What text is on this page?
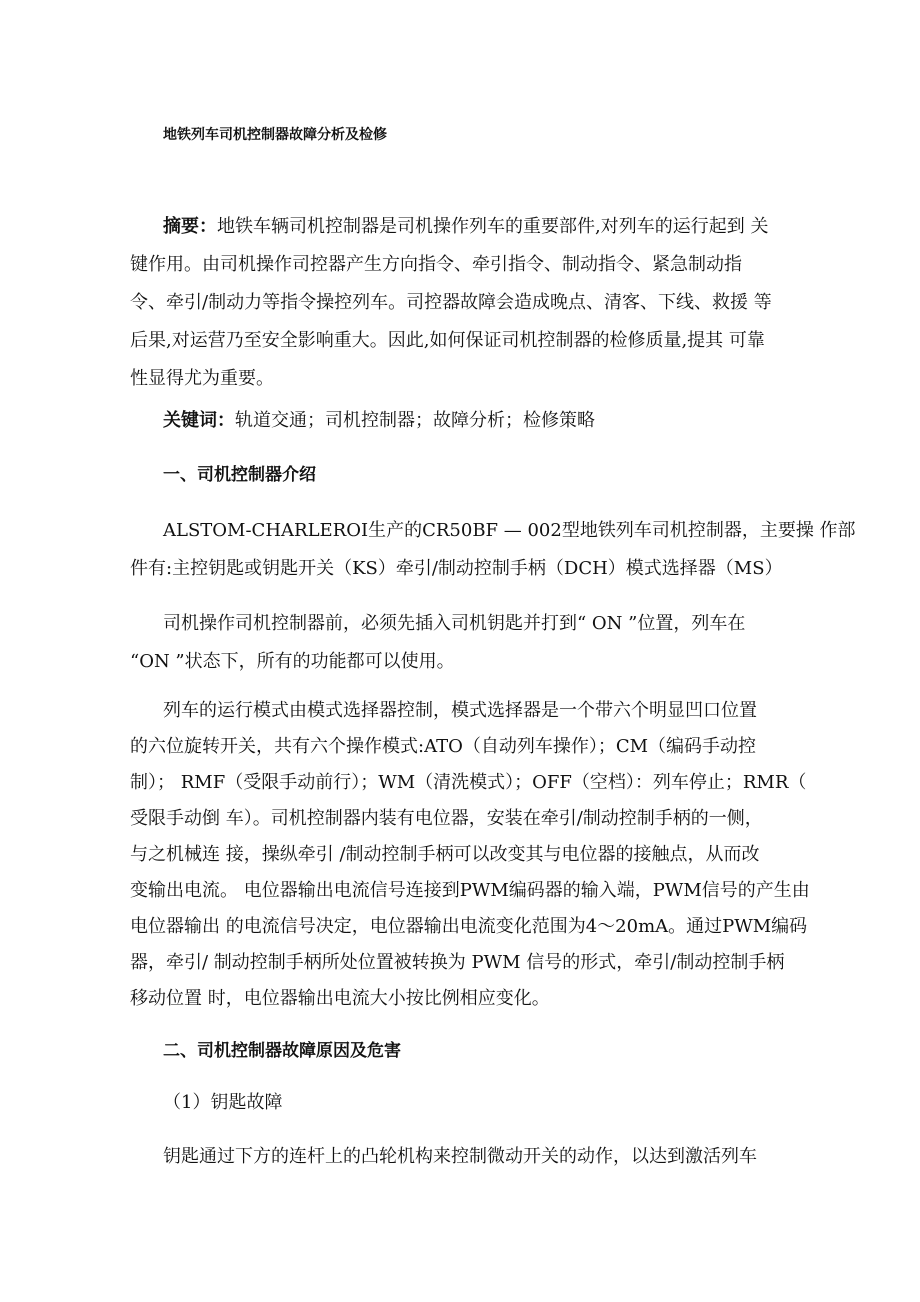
地铁列车司机控制器故障分析及检修
摘要：地铁车辆司机控制器是司机操作列车的重要部件,对列车的运行起到 关
键作用。由司机操作司控器产生方向指令、牵引指令、制动指令、紧急制动指
令、牵引/制动力等指令操控列车。司控器故障会造成晚点、清客、下线、救援 等
后果,对运营乃至安全影响重大。因此,如何保证司机控制器的检修质量,提其 可靠
性显得尤为重要。
关键词：轨道交通；司机控制器；故障分析；检修策略
一、司机控制器介绍
ALSTOM-CHARLEROI生产的CR50BF — 002型地铁列车司机控制器，主要操 作部
件有:主控钥匙或钥匙开关（KS）牵引/制动控制手柄（DCH）模式选择器（MS）
司机操作司机控制器前，必须先插入司机钥匙并打到“ ON ”位置，列车在
“ON ”状态下，所有的功能都可以使用。
列车的运行模式由模式选择器控制，模式选择器是一个带六个明显凹口位置
的六位旋转开关，共有六个操作模式:ATO（自动列车操作）；CM（编码手动控
制）； RMF（受限手动前行）；WM（清洗模式）；OFF（空档）：列车停止；RMR（
受限手动倒 车）。司机控制器内装有电位器，安装在牵引/制动控制手柄的一侧，
与之机械连 接，操纵牵引 /制动控制手柄可以改变其与电位器的接触点，从而改
变输出电流。 电位器输出电流信号连接到PWM编码器的输入端，PWM信号的产生由
电位器输出 的电流信号决定，电位器输出电流变化范围为4～20mA。通过PWM编码
器，牵引/ 制动控制手柄所处位置被转换为 PWM 信号的形式，牵引/制动控制手柄
移动位置 时，电位器输出电流大小按比例相应变化。
二、司机控制器故障原因及危害
（1）钥匙故障
钥匙通过下方的连杆上的凸轮机构来控制微动开关的动作，以达到激活列车
